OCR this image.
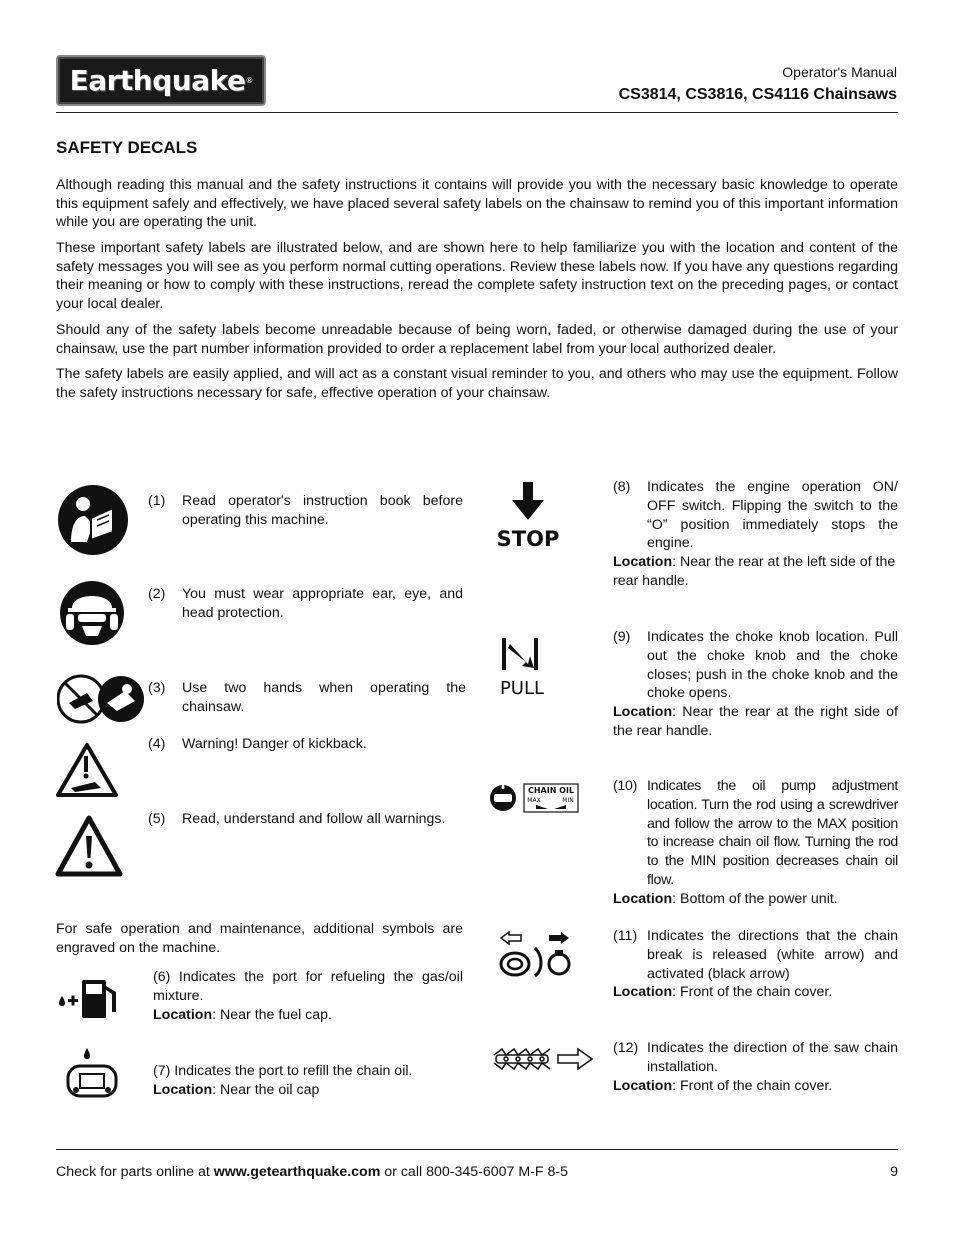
Earthquake ®
Operator's Manual
CS3814, CS3816, CS4116 Chainsaws
SAFETY DECALS
Although reading this manual and the safety instructions it contains will provide you with the necessary basic knowledge to operate this equipment safely and effectively, we have placed several safety labels on the chainsaw to remind you of this important information while you are operating the unit.
These important safety labels are illustrated below, and are shown here to help familiarize you with the location and content of the safety messages you will see as you perform normal cutting operations. Review these labels now. If you have any questions regarding their meaning or how to comply with these instructions, reread the complete safety instruction text on the preceding pages, or contact your local dealer.
Should any of the safety labels become unreadable because of being worn, faded, or otherwise damaged during the use of your chainsaw, use the part number information provided to order a replacement label from your local authorized dealer.
The safety labels are easily applied, and will act as a constant visual reminder to you, and others who may use the equipment. Follow the safety instructions necessary for safe, effective operation of your chainsaw.
(1) Read operator's instruction book before operating this machine.
(2) You must wear appropriate ear, eye, and head protection.
(3) Use two hands when operating the chainsaw.
(4) Warning! Danger of kickback.
(5) Read, understand and follow all warnings.
For safe operation and maintenance, additional symbols are engraved on the machine.
(6) Indicates the port for refueling the gas/oil mixture.
Location: Near the fuel cap.
(7) Indicates the port to refill the chain oil.
Location: Near the oil cap
STOP
PULL
CHAIN OIL
MAX	MIN
(8) Indicates the engine operation ON/ OFF switch. Flipping the switch to the “O” position immediately stops the engine.
Location: Near the rear at the left side of the rear handle.
(9) Indicates the choke knob location. Pull out the choke knob and the choke closes; push in the choke knob and the choke opens.
Location: Near the rear at the right side of the rear handle.
(10) Indicates the oil pump adjustment location. Turn the rod using a screwdriver and follow the arrow to the MAX position to increase chain oil flow. Turning the rod to the MIN position decreases chain oil flow.
Location: Bottom of the power unit.
(11) Indicates the directions that the chain break is released (white arrow) and activated (black arrow)
Location: Front of the chain cover.
(12) Indicates the direction of the saw chain installation.
Location: Front of the chain cover.
Check for parts online at www.getearthquake.com or call 800-345-6007 M-F 8-5	9
